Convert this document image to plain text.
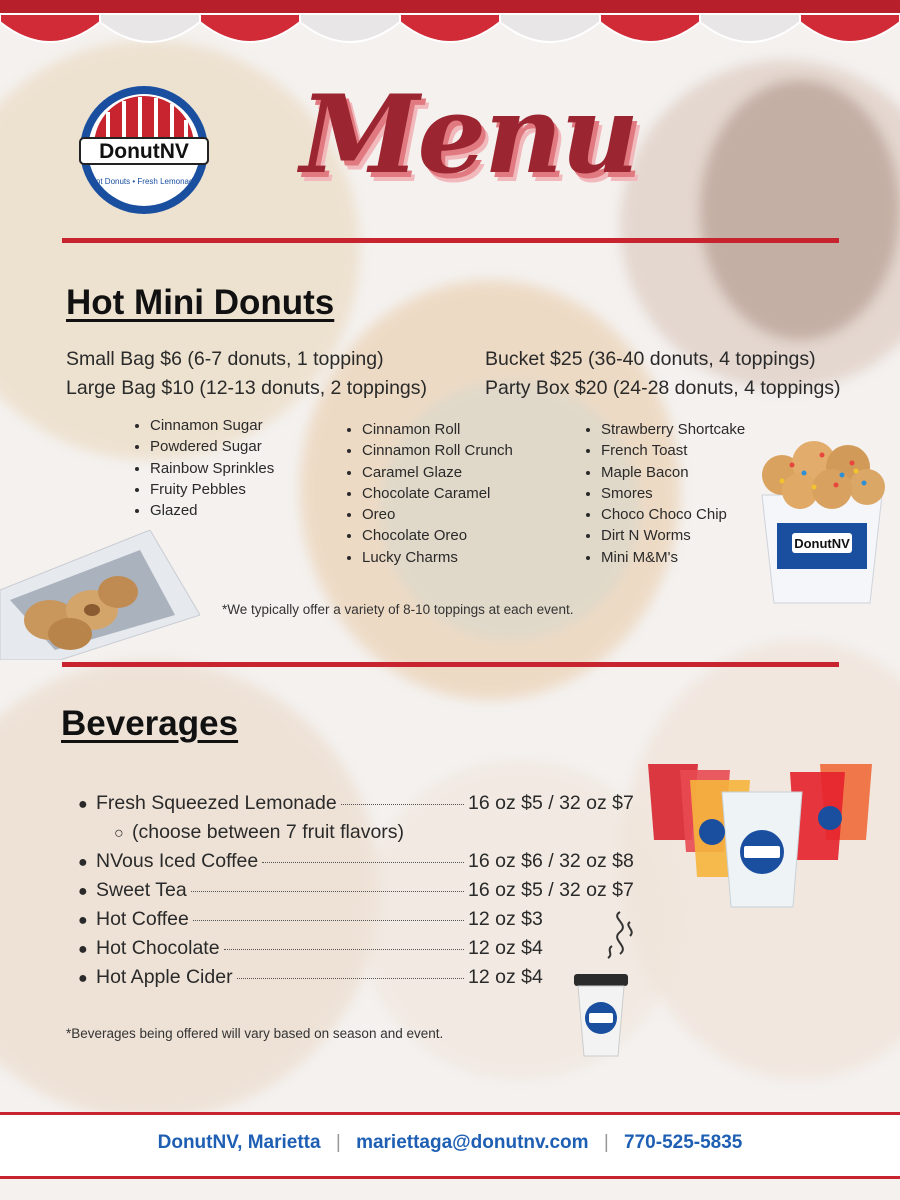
DonutNV
Hot Donuts • Fresh Lemonade Menu
Hot Mini Donuts
Small Bag $6 (6-7 donuts, 1 topping)
Large Bag $10 (12-13 donuts, 2 toppings)
Bucket $25 (36-40 donuts, 4 toppings)
Party Box $20 (24-28 donuts, 4 toppings)
• Cinnamon Sugar
• Powdered Sugar
• Rainbow Sprinkles
• Fruity Pebbles
• Glazed
• Cinnamon Roll
• Cinnamon Roll Crunch
• Caramel Glaze
• Chocolate Caramel
• Oreo
• Chocolate Oreo
• Lucky Charms
• Strawberry Shortcake
• French Toast
• Maple Bacon
• Smores
• Choco Choco Chip
• Dirt N Worms
• Mini M&M's
DonutNV
*We typically offer a variety of 8-10 toppings at each event.
Beverages
● Fresh Squeezed Lemonade	16 oz $5 / 32 oz $7
○ (choose between 7 fruit flavors)
● NVous Iced Coffee	16 oz $6 / 32 oz $8
● Sweet Tea	16 oz $5 / 32 oz $7
● Hot Coffee	12 oz $3
● Hot Chocolate	12 oz $4
● Hot Apple Cider	12 oz $4
*Beverages being offered will vary based on season and event.
DonutNV, Marietta | mariettaga@donutnv.com | 770-525-5835
